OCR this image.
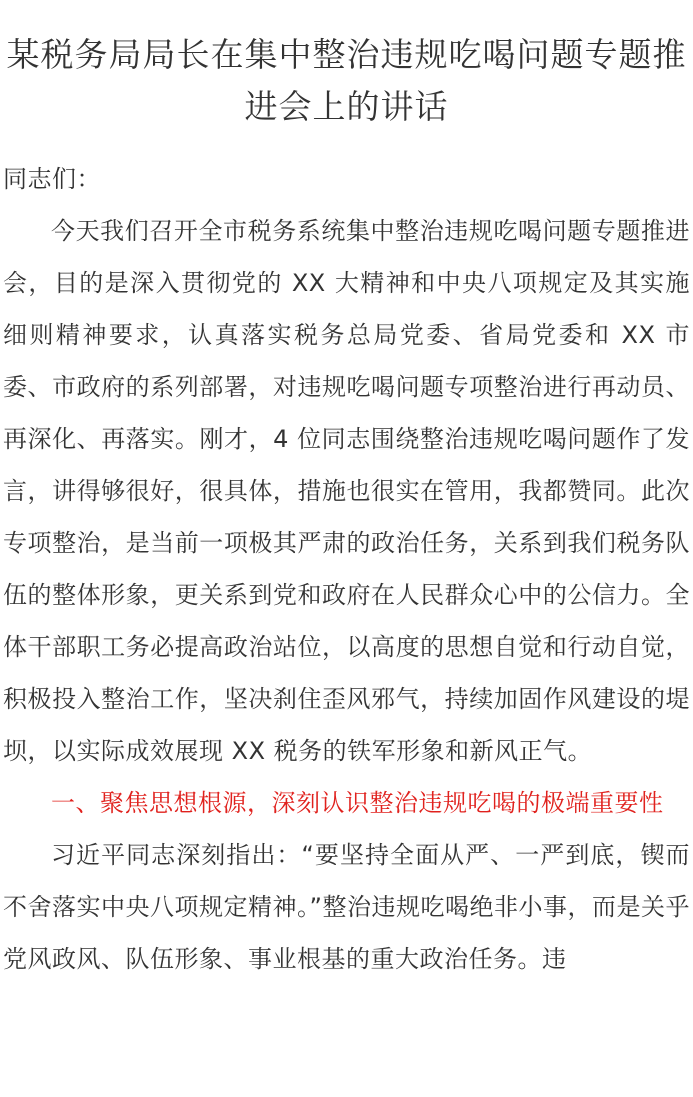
某税务局局长在集中整治违规吃喝问题专题推进会上的讲话

同志们：

今天我们召开全市税务系统集中整治违规吃喝问题专题推进会，目的是深入贯彻党的 XX 大精神和中央八项规定及其实施细则精神要求，认真落实税务总局党委、省局党委和 XX 市委、市政府的系列部署，对违规吃喝问题专项整治进行再动员、再深化、再落实。刚才，4 位同志围绕整治违规吃喝问题作了发言，讲得够很好，很具体，措施也很实在管用，我都赞同。此次专项整治，是当前一项极其严肃的政治任务，关系到我们税务队伍的整体形象，更关系到党和政府在人民群众心中的公信力。全体干部职工务必提高政治站位，以高度的思想自觉和行动自觉，积极投入整治工作，坚决刹住歪风邪气，持续加固作风建设的堤坝，以实际成效展现 XX 税务的铁军形象和新风正气。

一、聚焦思想根源，深刻认识整治违规吃喝的极端重要性

习近平同志深刻指出：“要坚持全面从严、一严到底，锲而不舍落实中央八项规定精神。”整治违规吃喝绝非小事，而是关乎党风政风、队伍形象、事业根基的重大政治任务。违
